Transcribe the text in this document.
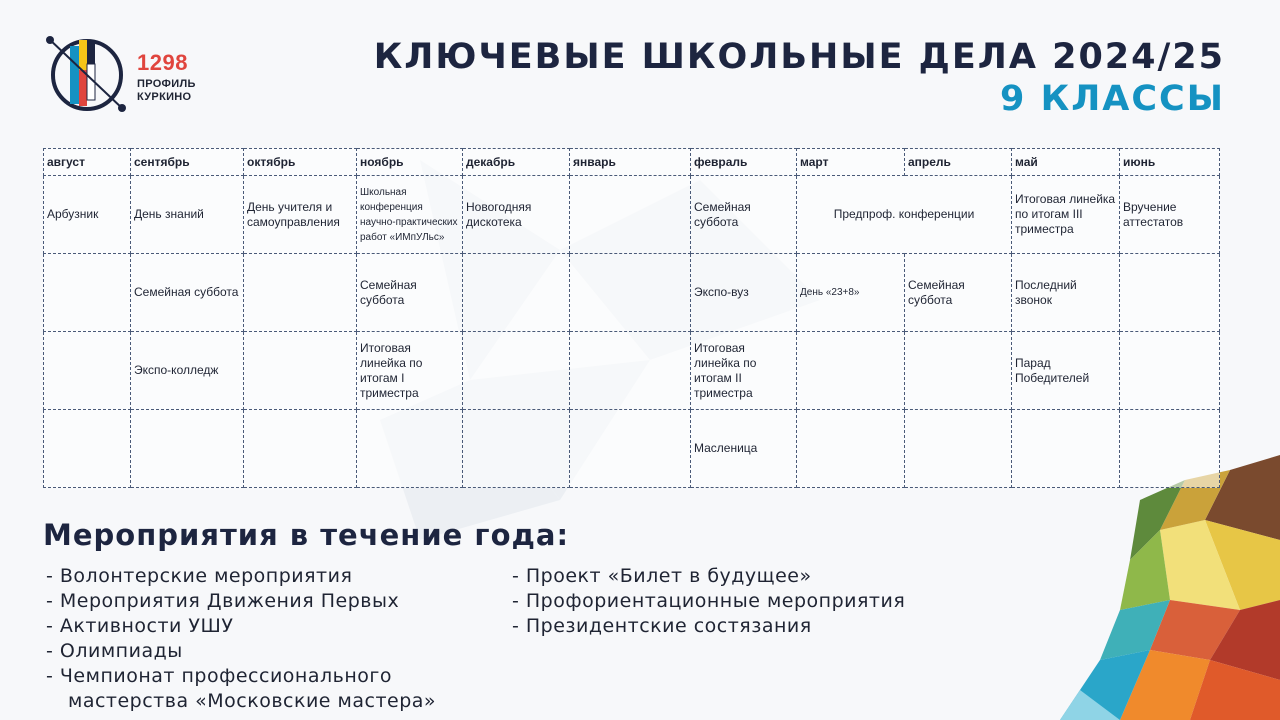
1298
ПРОФИЛЬ
КУРКИНО
КЛЮЧЕВЫЕ ШКОЛЬНЫЕ ДЕЛА 2024/25
9 КЛАССЫ
август	сентябрь	октябрь	ноябрь	декабрь	январь	февраль	март	апрель	май	июнь
Арбузник	День знаний	День учителя и самоуправления	Школьная конференция научно-практических работ «ИМпУЛьс»	Новогодняя дискотека		Семейная суббота	Предпроф. конференции		Итоговая линейка по итогам III триместра	Вручение аттестатов
	Семейная суббота		Семейная суббота			Экспо-вуз	День «23+8»	Семейная суббота	Последний звонок	
	Экспо-колледж		Итоговая линейка по итогам I триместра			Итоговая линейка по итогам II триместра			Парад Победителей	
						Масленица				
Мероприятия в течение года:
- Волонтерские мероприятия
- Мероприятия Движения Первых
- Активности УШУ
- Олимпиады
- Чемпионат профессионального
мастерства «Московские мастера»
- Проект «Билет в будущее»
- Профориентационные мероприятия
- Президентские состязания
